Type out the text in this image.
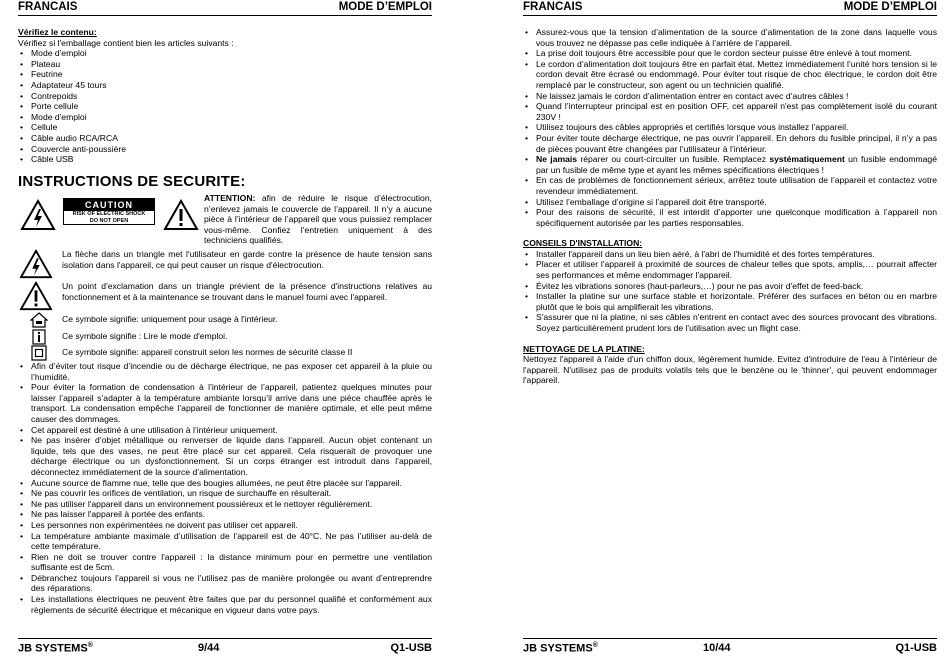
FRANCAIS	MODE D’EMPLOI
Vérifiez le contenu:
Vérifiez si l'emballage contient bien les articles suivants :
• Mode d'emploi
• Plateau
• Feutrine
• Adaptateur 45 tours
• Contrepoids
• Porte cellule
• Mode d'emploi
• Cellule
• Câble audio RCA/RCA
• Couvercle anti-poussière
• Câble USB
INSTRUCTIONS DE SECURITE:
CAUTION
RISK OF ELECTRIC SHOCK
DO NOT OPEN
ATTENTION: afin de réduire le risque d’électrocution, n’enlevez jamais le couvercle de l’appareil. Il n’y a aucune pièce à l’intérieur de l’appareil que vous puissiez remplacer vous-même. Confiez l’entretien uniquement à des techniciens qualifiés.
La flèche dans un triangle met l'utilisateur en garde contre la présence de haute tension sans isolation dans l'appareil, ce qui peut causer un risque d'électrocution.
Un point d'exclamation dans un triangle prévient de la présence d'instructions relatives au fonctionnement et à la maintenance se trouvant dans le manuel fourni avec l'appareil.
Ce symbole signifie: uniquement pour usage à l'intérieur.
Ce symbole signifie : Lire le mode d'emploi.
Ce symbole signifie: appareil construit selon les normes de sécurité classe II
• Afin d’éviter tout risque d’incendie ou de décharge électrique, ne pas exposer cet appareil à la pluie ou l’humidité.
• Pour éviter la formation de condensation à l’intérieur de l’appareil, patientez quelques minutes pour laisser l’appareil s’adapter à la température ambiante lorsqu’il arrive dans une pièce chauffée après le transport. La condensation empêche l’appareil de fonctionner de manière optimale, et elle peut même causer des dommages.
• Cet appareil est destiné à une utilisation à l’intérieur uniquement.
• Ne pas insérer d’objet métallique ou renverser de liquide dans l’appareil. Aucun objet contenant un liquide, tels que des vases, ne peut être placé sur cet appareil. Cela risquerait de provoquer une décharge électrique ou un dysfonctionnement. Si un corps étranger est introduit dans l’appareil, déconnectez immédiatement de la source d’alimentation.
• Aucune source de flamme nue, telle que des bougies allumées, ne peut être placée sur l'appareil.
• Ne pas couvrir les orifices de ventilation, un risque de surchauffe en résulterait.
• Ne pas utiliser l'appareil dans un environnement poussiéreux et le nettoyer régulièrement.
• Ne pas laisser l'appareil à portée des enfants.
• Les personnes non expérimentées ne doivent pas utiliser cet appareil.
• La température ambiante maximale d’utilisation de l’appareil est de 40°C. Ne pas l’utiliser au-delà de cette température.
• Rien ne doit se trouver contre l'appareil : la distance minimum pour en permettre une ventilation suffisante est de 5cm.
• Débranchez toujours l’appareil si vous ne l’utilisez pas de manière prolongée ou avant d’entreprendre des réparations.
• Les installations électriques ne peuvent être faites que par du personnel qualifié et conformément aux règlements de sécurité électrique et mécanique en vigueur dans votre pays.
JB SYSTEMS®	9/44	Q1-USB
FRANCAIS	MODE D’EMPLOI
• Assurez-vous que la tension d’alimentation de la source d’alimentation de la zone dans laquelle vous vous trouvez ne dépasse pas celle indiquée à l’arrière de l’appareil.
• La prise doit toujours être accessible pour que le cordon secteur puisse être enlevé à tout moment.
• Le cordon d’alimentation doit toujours être en parfait état. Mettez immédiatement l’unité hors tension si le cordon devait être écrasé ou endommagé. Pour éviter tout risque de choc électrique, le cordon doit être remplacé par le constructeur, son agent ou un technicien qualifié.
• Ne laissez jamais le cordon d’alimentation entrer en contact avec d’autres câbles !
• Quand l’interrupteur principal est en position OFF, cet appareil n'est pas complètement isolé du courant 230V !
• Utilisez toujours des câbles appropriés et certifiés lorsque vous installez l’appareil.
• Pour éviter toute décharge électrique, ne pas ouvrir l’appareil. En dehors du fusible principal, il n’y a pas de pièces pouvant être changées par l’utilisateur à l’intérieur.
• Ne jamais réparer ou court-circuiter un fusible. Remplacez systématiquement un fusible endommagé par un fusible de même type et ayant les mêmes spécifications électriques !
• En cas de problèmes de fonctionnement sérieux, arrêtez toute utilisation de l’appareil et contactez votre revendeur immédiatement.
• Utilisez l’emballage d’origine si l’appareil doit être transporté.
• Pour des raisons de sécurité, il est interdit d’apporter une quelconque modification à l’appareil non spécifiquement autorisée par les parties responsables.
CONSEILS D'INSTALLATION:
• Installer l'appareil dans un lieu bien aéré, à l'abri de l'humidité et des fortes températures.
• Placer et utiliser l'appareil à proximité de sources de chaleur telles que spots, amplis,… pourrait affecter ses performances et même endommager l'appareil.
• Évitez les vibrations sonores (haut-parleurs,…) pour ne pas avoir d'effet de feed-back.
• Installer la platine sur une surface stable et horizontale. Préférer des surfaces en béton ou en marbre plutôt que le bois qui amplifierait les vibrations.
• S'assurer que ni la platine, ni ses câbles n'entrent en contact avec des sources provocant des vibrations. Soyez particulièrement prudent lors de l'utilisation avec un flight case.
NETTOYAGE DE LA PLATINE:
Nettoyez l'appareil à l'aide d'un chiffon doux, légèrement humide. Evitez d'introduire de l'eau à l'intérieur de l'appareil. N'utilisez pas de produits volatils tels que le benzène ou le 'thinner', qui peuvent endommager l'appareil.
JB SYSTEMS®	10/44	Q1-USB
